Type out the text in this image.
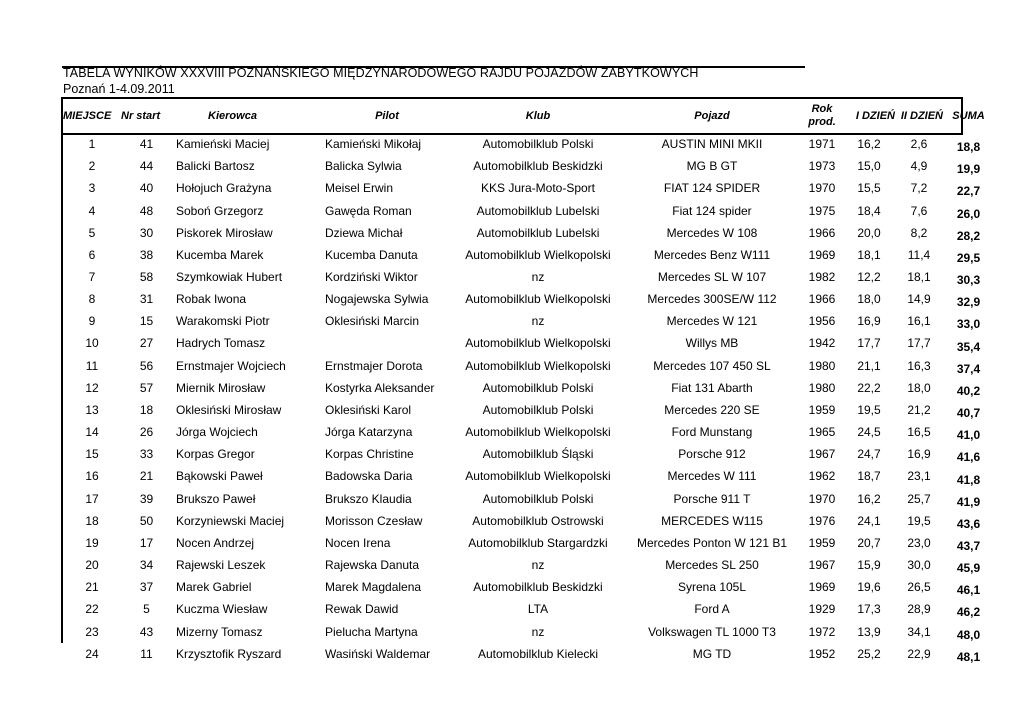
TABELA WYNIKÓW XXXVIII POZNAŃSKIEGO MIĘDZYNARODOWEGO RAJDU POJAZDÓW ZABYTKOWYCH
Poznań 1-4.09.2011
MIEJSCE	Nr start	Kierowca	Pilot	Klub	Pojazd	Rok prod.	I DZIEŃ	II DZIEŃ	SUMA
1	41	Kamieński Maciej	Kamieński Mikołaj	Automobilklub Polski	AUSTIN MINI MKII	1971	16,2	2,6	18,8
2	44	Balicki Bartosz	Balicka Sylwia	Automobilklub Beskidzki	MG B GT	1973	15,0	4,9	19,9
3	40	Hołojuch Grażyna	Meisel Erwin	KKS Jura-Moto-Sport	FIAT 124 SPIDER	1970	15,5	7,2	22,7
4	48	Soboń Grzegorz	Gawęda Roman	Automobilklub Lubelski	Fiat 124 spider	1975	18,4	7,6	26,0
5	30	Piskorek Mirosław	Dziewa Michał	Automobilklub Lubelski	Mercedes W 108	1966	20,0	8,2	28,2
6	38	Kucemba Marek	Kucemba Danuta	Automobilklub Wielkopolski	Mercedes Benz W111	1969	18,1	11,4	29,5
7	58	Szymkowiak Hubert	Kordziński Wiktor	nz	Mercedes SL W 107	1982	12,2	18,1	30,3
8	31	Robak Iwona	Nogajewska Sylwia	Automobilklub Wielkopolski	Mercedes 300SE/W 112	1966	18,0	14,9	32,9
9	15	Warakomski Piotr	Oklesiński Marcin	nz	Mercedes W 121	1956	16,9	16,1	33,0
10	27	Hadrych Tomasz		Automobilklub Wielkopolski	Willys MB	1942	17,7	17,7	35,4
11	56	Ernstmajer Wojciech	Ernstmajer Dorota	Automobilklub Wielkopolski	Mercedes 107 450 SL	1980	21,1	16,3	37,4
12	57	Miernik Mirosław	Kostyrka Aleksander	Automobilklub Polski	Fiat 131 Abarth	1980	22,2	18,0	40,2
13	18	Oklesiński Mirosław	Oklesiński Karol	Automobilklub Polski	Mercedes 220 SE	1959	19,5	21,2	40,7
14	26	Jórga Wojciech	Jórga Katarzyna	Automobilklub Wielkopolski	Ford Munstang	1965	24,5	16,5	41,0
15	33	Korpas Gregor	Korpas Christine	Automobilklub Śląski	Porsche 912	1967	24,7	16,9	41,6
16	21	Bąkowski Paweł	Badowska Daria	Automobilklub Wielkopolski	Mercedes W 111	1962	18,7	23,1	41,8
17	39	Brukszo Paweł	Brukszo Klaudia	Automobilklub Polski	Porsche 911 T	1970	16,2	25,7	41,9
18	50	Korzyniewski Maciej	Morisson Czesław	Automobilklub Ostrowski	MERCEDES W115	1976	24,1	19,5	43,6
19	17	Nocen Andrzej	Nocen Irena	Automobilklub Stargardzki	Mercedes Ponton W 121 B1	1959	20,7	23,0	43,7
20	34	Rajewski Leszek	Rajewska Danuta	nz	Mercedes SL 250	1967	15,9	30,0	45,9
21	37	Marek Gabriel	Marek Magdalena	Automobilklub Beskidzki	Syrena 105L	1969	19,6	26,5	46,1
22	5	Kuczma Wiesław	Rewak Dawid	LTA	Ford A	1929	17,3	28,9	46,2
23	43	Mizerny Tomasz	Pielucha Martyna	nz	Volkswagen TL 1000 T3	1972	13,9	34,1	48,0
24	11	Krzysztofik Ryszard	Wasiński Waldemar	Automobilklub Kielecki	MG TD	1952	25,2	22,9	48,1
